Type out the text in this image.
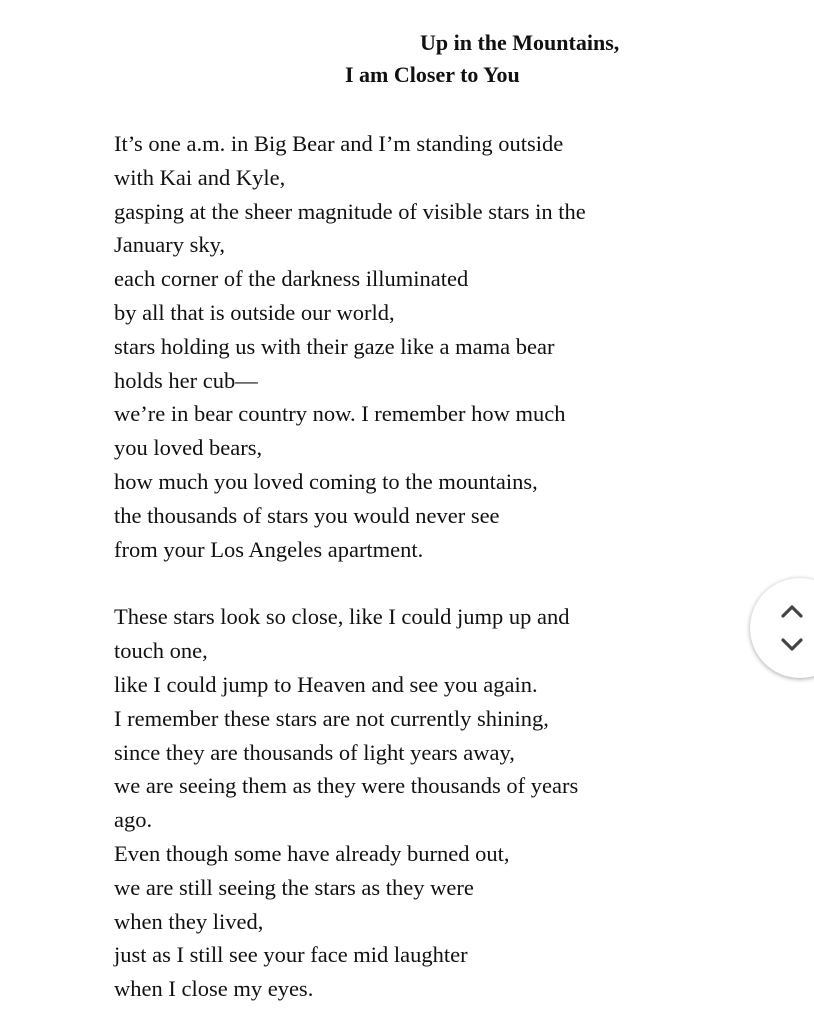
Up in the Mountains,
I am Closer to You
It’s one a.m. in Big Bear and I’m standing outside
with Kai and Kyle,
gasping at the sheer magnitude of visible stars in the
January sky,
each corner of the darkness illuminated
by all that is outside our world,
stars holding us with their gaze like a mama bear
holds her cub—
we’re in bear country now. I remember how much
you loved bears,
how much you loved coming to the mountains,
the thousands of stars you would never see
from your Los Angeles apartment.
These stars look so close, like I could jump up and
touch one,
like I could jump to Heaven and see you again.
I remember these stars are not currently shining,
since they are thousands of light years away,
we are seeing them as they were thousands of years
ago.
Even though some have already burned out,
we are still seeing the stars as they were
when they lived,
just as I still see your face mid laughter
when I close my eyes.
